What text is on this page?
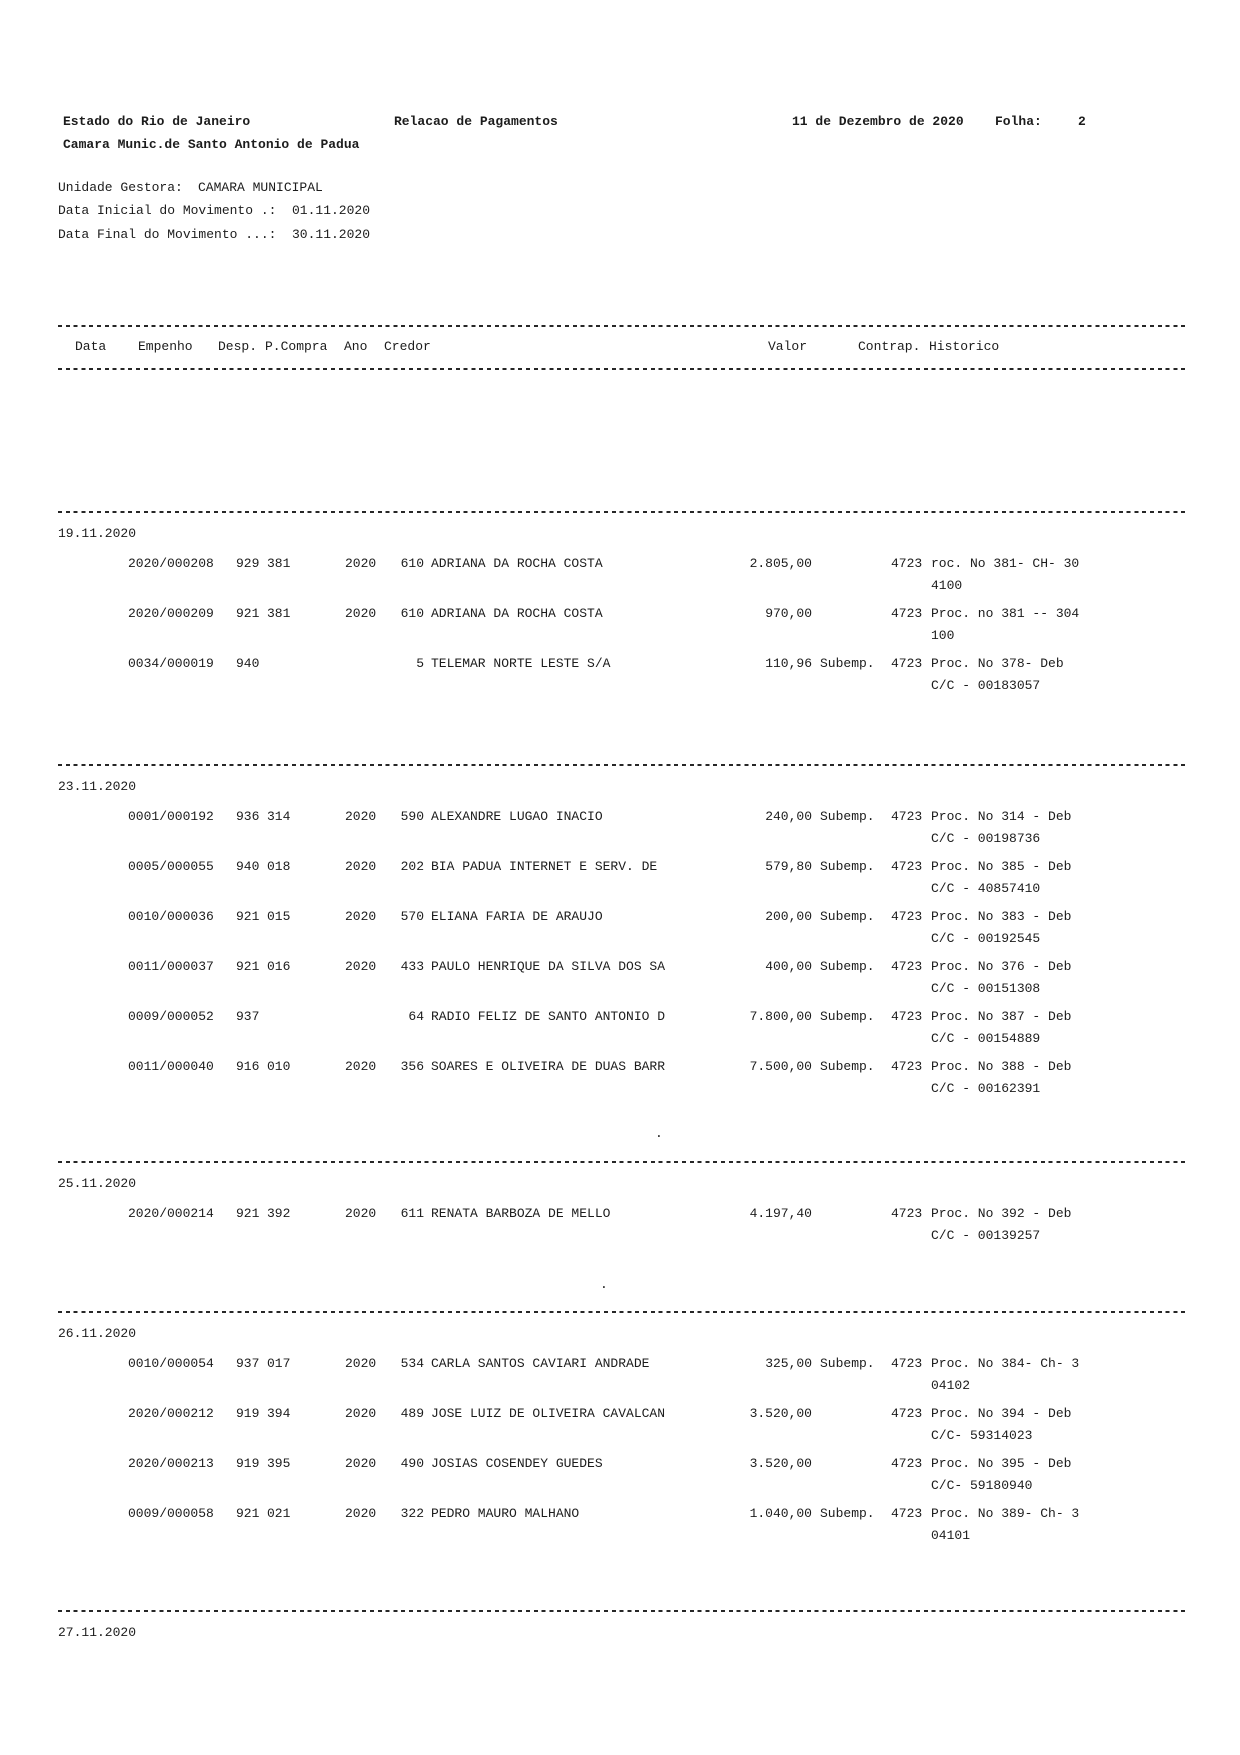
Estado do Rio de Janeiro	Relacao de Pagamentos	11 de Dezembro de 2020 Folha:	2
Camara Munic.de Santo Antonio de Padua
Unidade Gestora: CAMARA MUNICIPAL
Data Inicial do Movimento .: 01.11.2020
Data Final do Movimento ...: 30.11.2020
Data Empenho Desp. P.Compra Ano Credor	Valor	Contrap. Historico
19.11.2020
2020/000208 929 381	2020	610 ADRIANA DA ROCHA COSTA	2.805,00	4723 roc. No 381- CH- 30
4100
2020/000209 921 381	2020	610 ADRIANA DA ROCHA COSTA	970,00	4723 Proc. no 381 -- 304
100
0034/000019 940	5 TELEMAR NORTE LESTE S/A	110,96 Subemp. 4723 Proc. No 378- Deb
C/C - 00183057
23.11.2020
0001/000192 936 314	2020	590 ALEXANDRE LUGAO INACIO	240,00 Subemp. 4723 Proc. No 314 - Deb
C/C - 00198736
0005/000055 940 018	2020	202 BIA PADUA INTERNET E SERV. DE	579,80 Subemp. 4723 Proc. No 385 - Deb
C/C - 40857410
0010/000036 921 015	2020	570 ELIANA FARIA DE ARAUJO	200,00 Subemp. 4723 Proc. No 383 - Deb
C/C - 00192545
0011/000037 921 016	2020	433 PAULO HENRIQUE DA SILVA DOS SA	400,00 Subemp. 4723 Proc. No 376 - Deb
C/C - 00151308
0009/000052 937	64 RADIO FELIZ DE SANTO ANTONIO D	7.800,00 Subemp. 4723 Proc. No 387 - Deb
C/C - 00154889
0011/000040 916 010	2020	356 SOARES E OLIVEIRA DE DUAS BARR	7.500,00 Subemp. 4723 Proc. No 388 - Deb
C/C - 00162391
25.11.2020
2020/000214 921 392	2020	611 RENATA BARBOZA DE MELLO	4.197,40	4723 Proc. No 392 - Deb
C/C - 00139257
26.11.2020
0010/000054 937 017	2020	534 CARLA SANTOS CAVIARI ANDRADE	325,00 Subemp. 4723 Proc. No 384- Ch- 3
04102
2020/000212 919 394	2020	489 JOSE LUIZ DE OLIVEIRA CAVALCAN	3.520,00	4723 Proc. No 394 - Deb
C/C- 59314023
2020/000213 919 395	2020	490 JOSIAS COSENDEY GUEDES	3.520,00	4723 Proc. No 395 - Deb
C/C- 59180940
0009/000058 921 021	2020	322 PEDRO MAURO MALHANO	1.040,00 Subemp. 4723 Proc. No 389- Ch- 3
04101
27.11.2020
.
.
